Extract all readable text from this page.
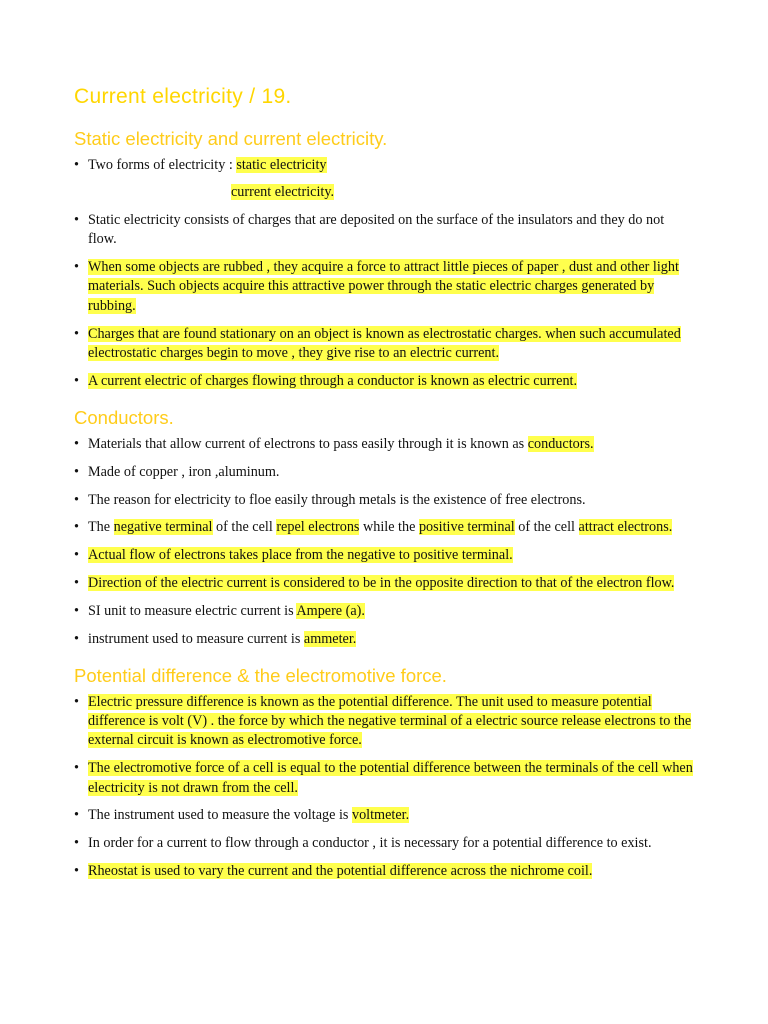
Current electricity / 19.
Static electricity and current electricity.
• Two forms of electricity : static electricity
current electricity.
• Static electricity consists of charges that are deposited on the surface of the insulators and they do not flow.
• When some objects are rubbed , they acquire a force to attract little pieces of paper , dust and other light materials. Such objects acquire this attractive power through the static electric charges generated by rubbing.
• Charges that are found stationary on an object is known as electrostatic charges. when such accumulated electrostatic charges begin to move , they give rise to an electric current.
• A current electric of charges flowing through a conductor is known as electric current.
Conductors.
• Materials that allow current of electrons to pass easily through it is known as conductors.
• Made of copper , iron ,aluminum.
• The reason for electricity to floe easily through metals is the existence of free electrons.
• The negative terminal of the cell repel electrons while the positive terminal of the cell attract electrons.
• Actual flow of electrons takes place from the negative to positive terminal.
• Direction of the electric current is considered to be in the opposite direction to that of the electron flow.
• SI unit to measure electric current is Ampere (a).
• instrument used to measure current is ammeter.
Potential difference & the electromotive force.
• Electric pressure difference is known as the potential difference. The unit used to measure potential difference is volt (V) . the force by which the negative terminal of a electric source release electrons to the external circuit is known as electromotive force.
• The electromotive force of a cell is equal to the potential difference between the terminals of the cell when electricity is not drawn from the cell.
• The instrument used to measure the voltage is voltmeter.
• In order for a current to flow through a conductor , it is necessary for a potential difference to exist.
• Rheostat is used to vary the current and the potential difference across the nichrome coil.
